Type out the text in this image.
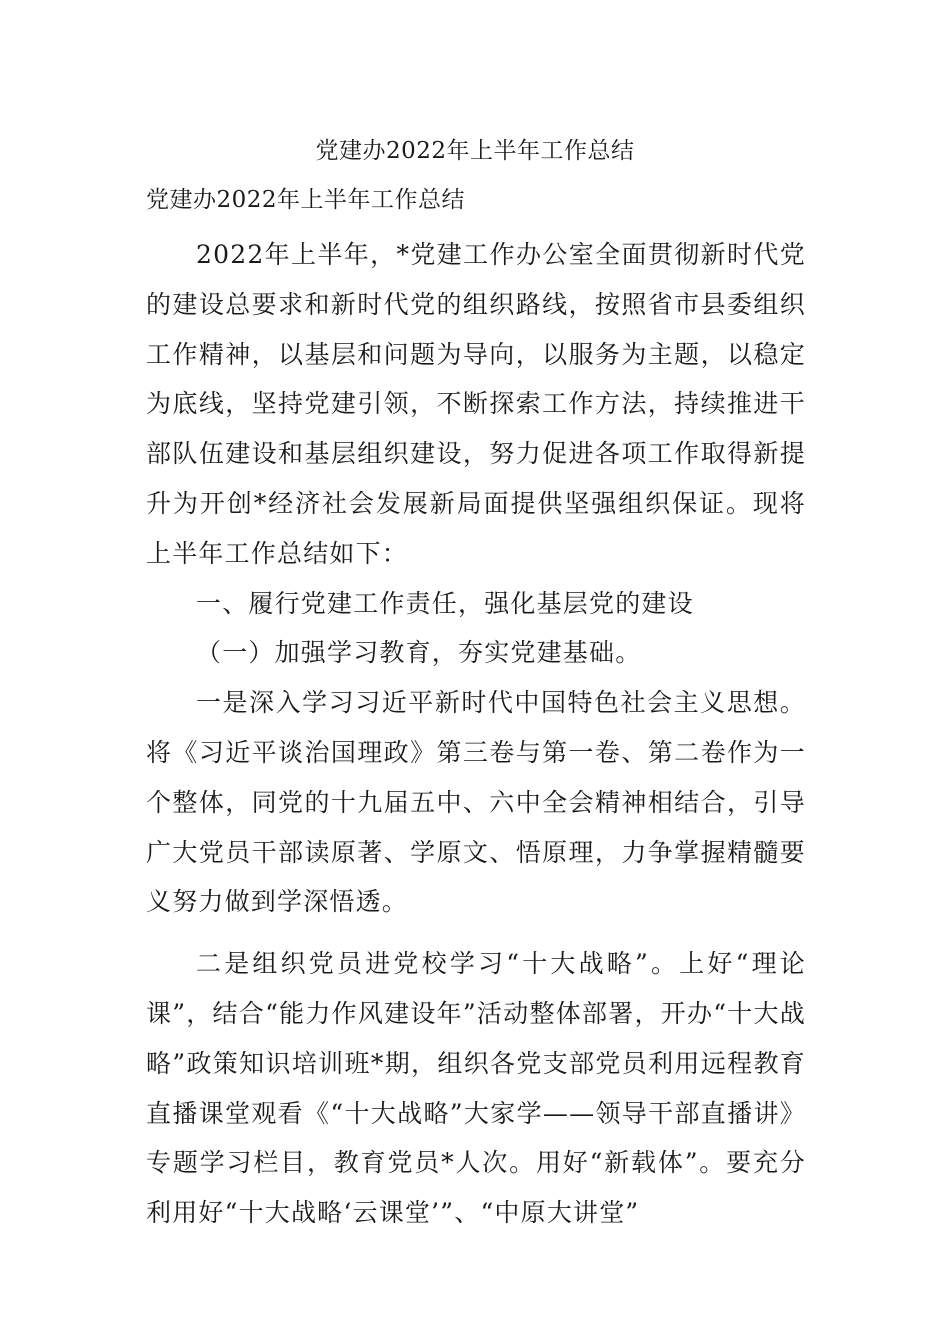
党建办2022年上半年工作总结
党建办2022年上半年工作总结

2022年上半年，*党建工作办公室全面贯彻新时代党的建设总要求和新时代党的组织路线，按照省市县委组织工作精神，以基层和问题为导向，以服务为主题，以稳定为底线，坚持党建引领，不断探索工作方法，持续推进干部队伍建设和基层组织建设，努力促进各项工作取得新提升为开创*经济社会发展新局面提供坚强组织保证。现将上半年工作总结如下：

一、履行党建工作责任，强化基层党的建设

（一）加强学习教育，夯实党建基础。

一是深入学习习近平新时代中国特色社会主义思想。将《习近平谈治国理政》第三卷与第一卷、第二卷作为一个整体，同党的十九届五中、六中全会精神相结合，引导广大党员干部读原著、学原文、悟原理，力争掌握精髓要义努力做到学深悟透。

二是组织党员进党校学习“十大战略”。上好“理论课”，结合“能力作风建设年”活动整体部署，开办“十大战略”政策知识培训班*期，组织各党支部党员利用远程教育直播课堂观看《“十大战略”大家学——领导干部直播讲》专题学习栏目，教育党员*人次。用好“新载体”。要充分利用好“十大战略‘云课堂’”、“中原大讲堂”
